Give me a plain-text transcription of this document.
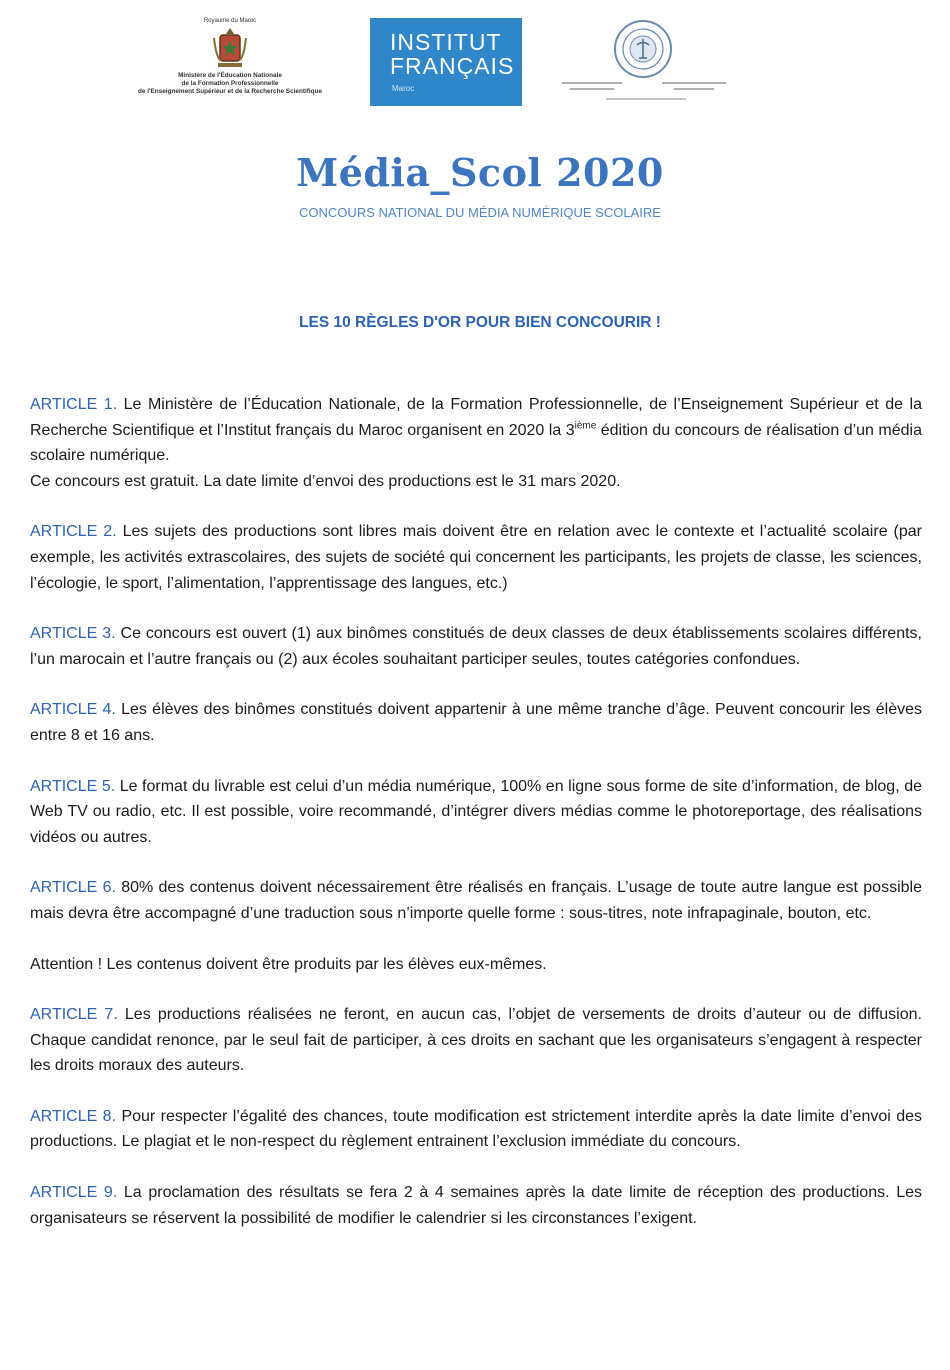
Royaume du Maroc
Ministère de l'Éducation Nationale
de la Formation Professionnelle
de l'Enseignement Supérieur et de la Recherche Scientifique
INSTITUT
FRANÇAIS
Maroc
Média_Scol 2020
CONCOURS NATIONAL DU MÉDIA NUMÉRIQUE SCOLAIRE
LES 10 RÈGLES D'OR POUR BIEN CONCOURIR !

ARTICLE 1. Le Ministère de l’Éducation Nationale, de la Formation Professionnelle, de l’Enseignement Supérieur et de la Recherche Scientifique et l’Institut français du Maroc organisent en 2020 la 3ième édition du concours de réalisation d’un média scolaire numérique.
Ce concours est gratuit. La date limite d’envoi des productions est le 31 mars 2020.

ARTICLE 2. Les sujets des productions sont libres mais doivent être en relation avec le contexte et l’actualité scolaire (par exemple, les activités extrascolaires, des sujets de société qui concernent les participants, les projets de classe, les sciences, l’écologie, le sport, l’alimentation, l’apprentissage des langues, etc.)

ARTICLE 3. Ce concours est ouvert (1) aux binômes constitués de deux classes de deux établissements scolaires différents, l’un marocain et l’autre français ou (2) aux écoles souhaitant participer seules, toutes catégories confondues.

ARTICLE 4. Les élèves des binômes constitués doivent appartenir à une même tranche d’âge. Peuvent concourir les élèves entre 8 et 16 ans.

ARTICLE 5. Le format du livrable est celui d’un média numérique, 100% en ligne sous forme de site d’information, de blog, de Web TV ou radio, etc. Il est possible, voire recommandé, d’intégrer divers médias comme le photoreportage, des réalisations vidéos ou autres.

ARTICLE 6. 80% des contenus doivent nécessairement être réalisés en français. L’usage de toute autre langue est possible mais devra être accompagné d’une traduction sous n’importe quelle forme : sous-titres, note infrapaginale, bouton, etc.

Attention ! Les contenus doivent être produits par les élèves eux-mêmes.

ARTICLE 7. Les productions réalisées ne feront, en aucun cas, l’objet de versements de droits d’auteur ou de diffusion. Chaque candidat renonce, par le seul fait de participer, à ces droits en sachant que les organisateurs s’engagent à respecter les droits moraux des auteurs.

ARTICLE 8. Pour respecter l’égalité des chances, toute modification est strictement interdite après la date limite d’envoi des productions. Le plagiat et le non-respect du règlement entrainent l’exclusion immédiate du concours.

ARTICLE 9. La proclamation des résultats se fera 2 à 4 semaines après la date limite de réception des productions. Les organisateurs se réservent la possibilité de modifier le calendrier si les circonstances l’exigent.
